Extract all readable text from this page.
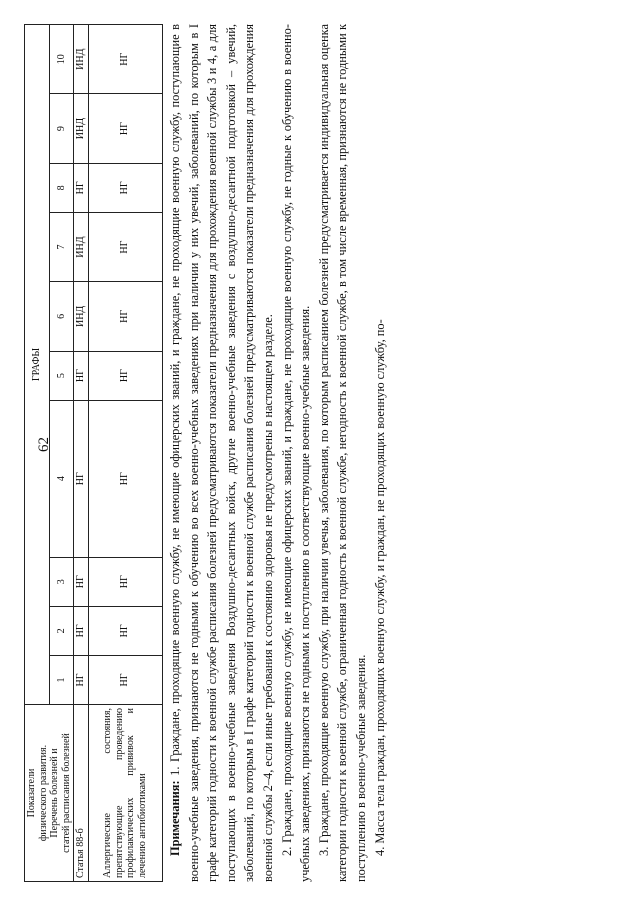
62
Показатели физического развития. Перечень болезней и статей расписания болезней	ГРАФЫ									
	1	2	3	4	5	6	7	8	9	10
Статья 88-б	НГ	НГ	НГ	НГ	НГ	ИНД	ИНД	НГ	ИНД	ИНД
Аллергические состояния, препятствующие проведению профилактических прививок и лечению антибиотиками	НГ	НГ	НГ	НГ	НГ	НГ	НГ	НГ	НГ	НГ

Примечания: 1. Граждане, проходящие военную службу, не имеющие офицерских званий, и граждане, не проходящие военную службу, поступающие в военно-учебные заведения, признаются не годными к обучению во всех военно-учебных заведениях при наличии у них увечий, заболеваний, по которым в I графе категорий годности к военной службе расписания болезней предусматриваются показатели предназначения для прохождения военной службы 3 и 4, а для поступающих в военно-учебные заведения Воздушно-десантных войск, другие военно-учебные заведения с воздушно-десантной подготовкой – увечий, заболеваний, по которым в I графе категорий годности к военной службе расписания болезней предусматриваются показатели предназначения для прохождения военной службы 2–4, если иные требования к состоянию здоровья не предусмотрены в настоящем разделе. 2. Граждане, проходящие военную службу, не имеющие офицерских званий, и граждане, не проходящие военную службу, не годные к обучению в военно-учебных заведениях, признаются не годными к поступлению в соответствующие военно-учебные заведения. 3. Граждане, проходящие военную службу, при наличии увечья, заболевания, по которым расписанием болезней предусматривается индивидуальная оценка категории годности к военной службе, ограниченная годность к военной службе, негодность к военной службе, в том числе временная, признаются не годными к поступлению в военно-учебные заведения. 4. Масса тела граждан, проходящих военную службу, и граждан, не проходящих военную службу, по-
